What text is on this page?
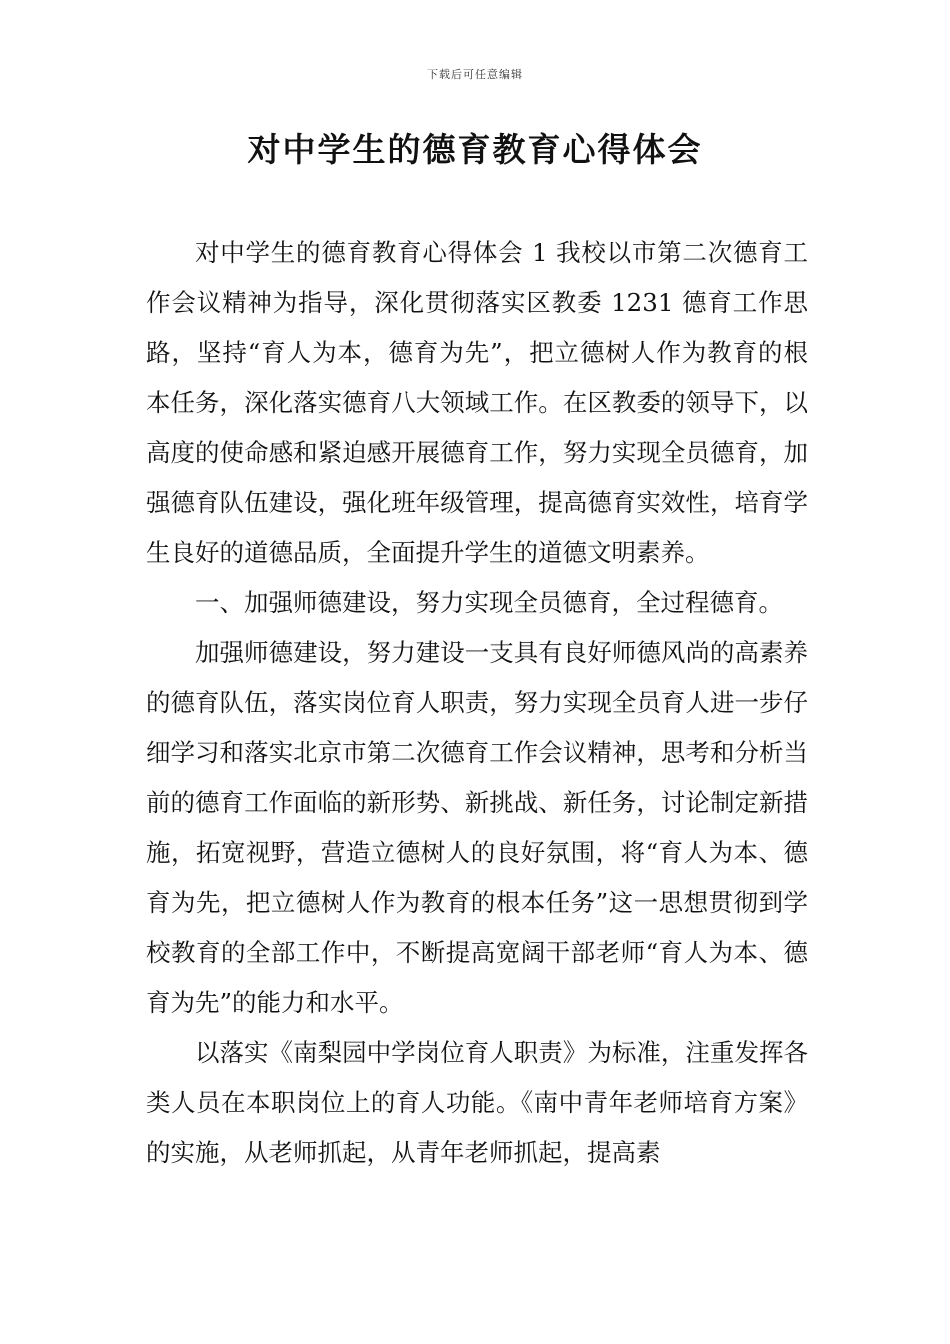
下载后可任意编辑
对中学生的德育教育心得体会

对中学生的德育教育心得体会 1 我校以市第二次德育工作会议精神为指导，深化贯彻落实区教委 1231 德育工作思路，坚持“育人为本，德育为先”，把立德树人作为教育的根本任务，深化落实德育八大领域工作。在区教委的领导下，以高度的使命感和紧迫感开展德育工作，努力实现全员德育，加强德育队伍建设，强化班年级管理，提高德育实效性，培育学生良好的道德品质，全面提升学生的道德文明素养。

一、加强师德建设，努力实现全员德育，全过程德育。

加强师德建设，努力建设一支具有良好师德风尚的高素养的德育队伍，落实岗位育人职责，努力实现全员育人进一步仔细学习和落实北京市第二次德育工作会议精神，思考和分析当前的德育工作面临的新形势、新挑战、新任务，讨论制定新措施，拓宽视野，营造立德树人的良好氛围，将“育人为本、德育为先，把立德树人作为教育的根本任务”这一思想贯彻到学校教育的全部工作中，不断提高宽阔干部老师“育人为本、德育为先”的能力和水平。

以落实《南梨园中学岗位育人职责》为标准，注重发挥各类人员在本职岗位上的育人功能。《南中青年老师培育方案》的实施，从老师抓起，从青年老师抓起，提高素
